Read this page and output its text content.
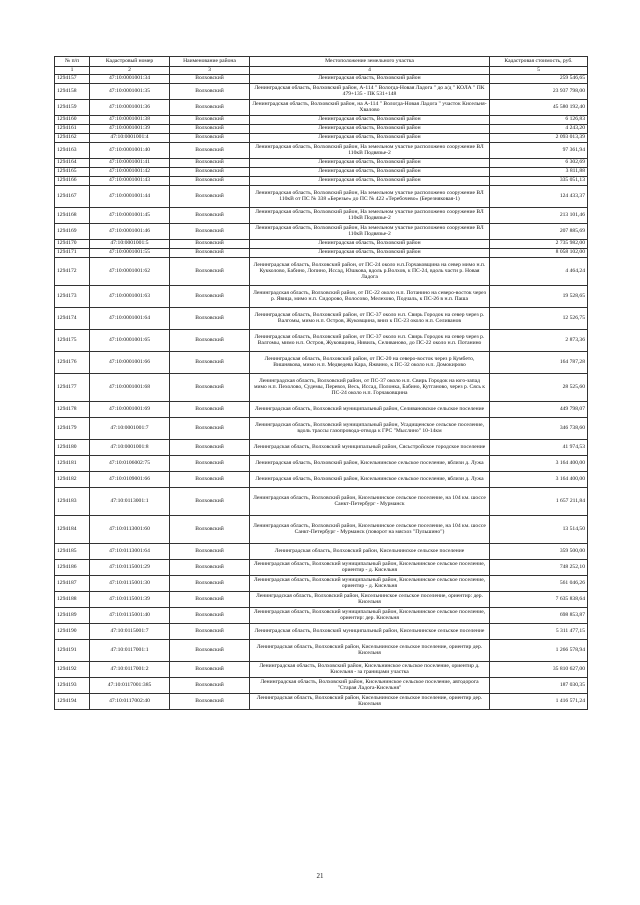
№ п/п	Кадастровый номер	Наименование района	Местоположение земельного участка	Кадастровая стоимость, руб.
1	2	3	4	5
1294157	47:10:0001001:34	Волховский	Ленинградская область, Волховский район	259 546,65
1294158	47:10:0001001:35	Волховский	Ленинградская область, Волховский район, А-114 " Вологда-Новая Ладога " до а/д " КОЛА " ПК 479+135 - ПК 531+148	23 937 798,00
1294159	47:10:0001001:36	Волховский	Ленинградская область, Волховский район, на А-114 " Вологда-Новая Ладога " участок Кисельня-Хвалово	45 580 192,40
1294160	47:10:0001001:38	Волховский	Ленинградская область, Волховский район	6 126,83
1294161	47:10:0001001:39	Волховский	Ленинградская область, Волховский район	4 243,20
1294162	47:10:0001001:4	Волховский	Ленинградская область, Волховский район	2 093 013,39
1294163	47:10:0001001:40	Волховский	Ленинградская область, Волховский район, На земельном участке расположено сооружение ВЛ 110кВ Подвязье-2	97 361,94
1294164	47:10:0001001:41	Волховский	Ленинградская область, Волховский район	6 302,69
1294165	47:10:0001001:42	Волховский	Ленинградская область, Волховский район	3 811,88
1294166	47:10:0001001:43	Волховский	Ленинградская область, Волховский район	335 051,13
1294167	47:10:0001001:44	Волховский	Ленинградская область, Волховский район, На земельном участке расположено сооружение ВЛ 110кВ от ПС № 338 «Березье» до ПС № 422 «Теребочево» (Березняковая-1)	124 433,37
1294168	47:10:0001001:45	Волховский	Ленинградская область, Волховский район, На земельном участке расположено сооружение ВЛ 110кВ Подвязье-2	213 101,46
1294169	47:10:0001001:46	Волховский	Ленинградская область, Волховский район, На земельном участке расположено сооружение ВЛ 110кВ Подвязье-2	207 885,69
1294170	47:10:0001001:5	Волховский	Ленинградская область, Волховский район	2 735 982,00
1294171	47:10:0001001:55	Волховский	Ленинградская область, Волховский район	8 058 102,00
1294172	47:10:0001001:62	Волховский	Ленинградская область, Волховский район, от ПС-24 около н.п.Горчаковщина на север мимо н.п. Кукколово, Бабино, Лопино, Иссад, Юшкова, вдоль р.Волхов, к ПС-24, вдоль части р. Новая Ладога	4 464,24
1294173	47:10:0001001:63	Волховский	Ленинградская область, Волховский район, от ПС-22 около н.п. Потанино на северо-восток через р. Явица, мимо н.п. Сидорово, Волосово, Мелехово, Подчаль, к ПС-26 в н.п. Паша	19 528,65
1294174	47:10:0001001:64	Волховский	Ленинградская область, Волховский район, от ПС-37 около н.п. Свирь Городок на север через р. Валгомы, мимо н.п. Остров, Жуковщина, вниз к ПС-23 около н.п. Селиванов	12 526,75
1294175	47:10:0001001:65	Волховский	Ленинградская область, Волховский район, от ПС-37 около н.п. Свирь Городок на север через р. Валгомы, мимо н.п. Остров, Жуковщина, Нивиль, Селиваново, до ПС-22 около н.п. Потанино	2 873,36
1294176	47:10:0001001:66	Волховский	Ленинградская область, Волховский район, от ПС-20 на северо-восток через р Кумбето, Вишнякова, мимо н.п. Медведева Кара, Яжвино, к ПС-32 около н.п. Домокирово	164 787,28
1294177	47:10:0001001:68	Волховский	Ленинградская область, Волховский район, от ПС-37 около н.п. Свирь Городок на юго-запад мимо н.п. Пехолово, Судемы, Перевоз, Весь, Иссад, Полонка, Бабино, Кутганово, через р. Сясь к ПС-24 около н.п. Горчаковщина	28 525,60
1294178	47:10:0001001:69	Волховский	Ленинградская область, Волховский муниципальный район, Селивановское сельское поселение	449 798,07
1294179	47:10:0001001:7	Волховский	Ленинградская область, Волховский муниципальный район, Усадищенское сельское поселение, вдоль трассы газопровода-отвода к ГРС "Мыслино" 10-14км	346 738,60
1294180	47:10:0001001:8	Волховский	Ленинградская область, Волховский муниципальный район, Сясьстройское городское поселение	41 974,53
1294181	47:10:0106002:75	Волховский	Ленинградская область, Волховский район, Кисельнинское сельское поселение, вблизи д. Лужа	3 164 400,00
1294182	47:10:0109001:66	Волховский	Ленинградская область, Волховский район, Кисельнинское сельское поселение, вблизи д. Лужа	3 164 400,00
1294183	47:10:0113001:1	Волховский	Ленинградская область, Волховский район, Кисельнинское сельское поселение, на 104 км. шоссе Санкт-Петербург - Мурманск	1 657 211,84
1294184	47:10:0113001:60	Волховский	Ленинградская область, Волховский район, Кисельнинское сельское поселение, на 104 км. шоссе Санкт-Петербург - Мурманск (поворот на мясхоз "Пульшино")	13 514,50
1294185	47:10:0113001:64	Волховский	Ленинградская область, Волховский район, Кисельнинское сельское поселение	359 500,00
1294186	47:10:0115001:29	Волховский	Ленинградская область, Волховский муниципальный район, Кисельнинское сельское поселение, ориентир - д. Кисельня	748 252,10
1294187	47:10:0115001:30	Волховский	Ленинградская область, Волховский муниципальный район, Кисельнинское сельское поселение, ориентир - д. Кисельня	561 046,26
1294188	47:10:0115001:39	Волховский	Ленинградская область, Волховский район, Кисельнинское сельское поселение, ориентир: дер. Кисельня	7 635 838,64
1294189	47:10:0115001:40	Волховский	Ленинградская область, Волховский муниципальный район, Кисельнинское сельское поселение, ориентир: дер. Кисельня	698 853,87
1294190	47:10:0115001:7	Волховский	Ленинградская область, Волховский муниципальный район, Кисельнинское сельское поселение	5 311 477,15
1294191	47:10:0117001:1	Волховский	Ленинградская область, Волховский район, Кисельнинское сельское поселение, ориентир дер. Кисельня	1 266 578,94
1294192	47:10:0117001:2	Волховский	Ленинградская область, Волховский район, Кисельнинское сельское поселение, ориентир д. Кисельня - за границами участка	35 810 627,00
1294193	47:10:0117001:385	Волховский	Ленинградская область, Волховский район, Кисельнинское сельское поселение, автодорога "Старая Ладога-Кисельня"	187 030,35
1294194	47:10:0117002:40	Волховский	Ленинградская область, Волховский район, Кисельнинское сельское поселение, ориентир дер. Кисельня	1 416 571,24
21
